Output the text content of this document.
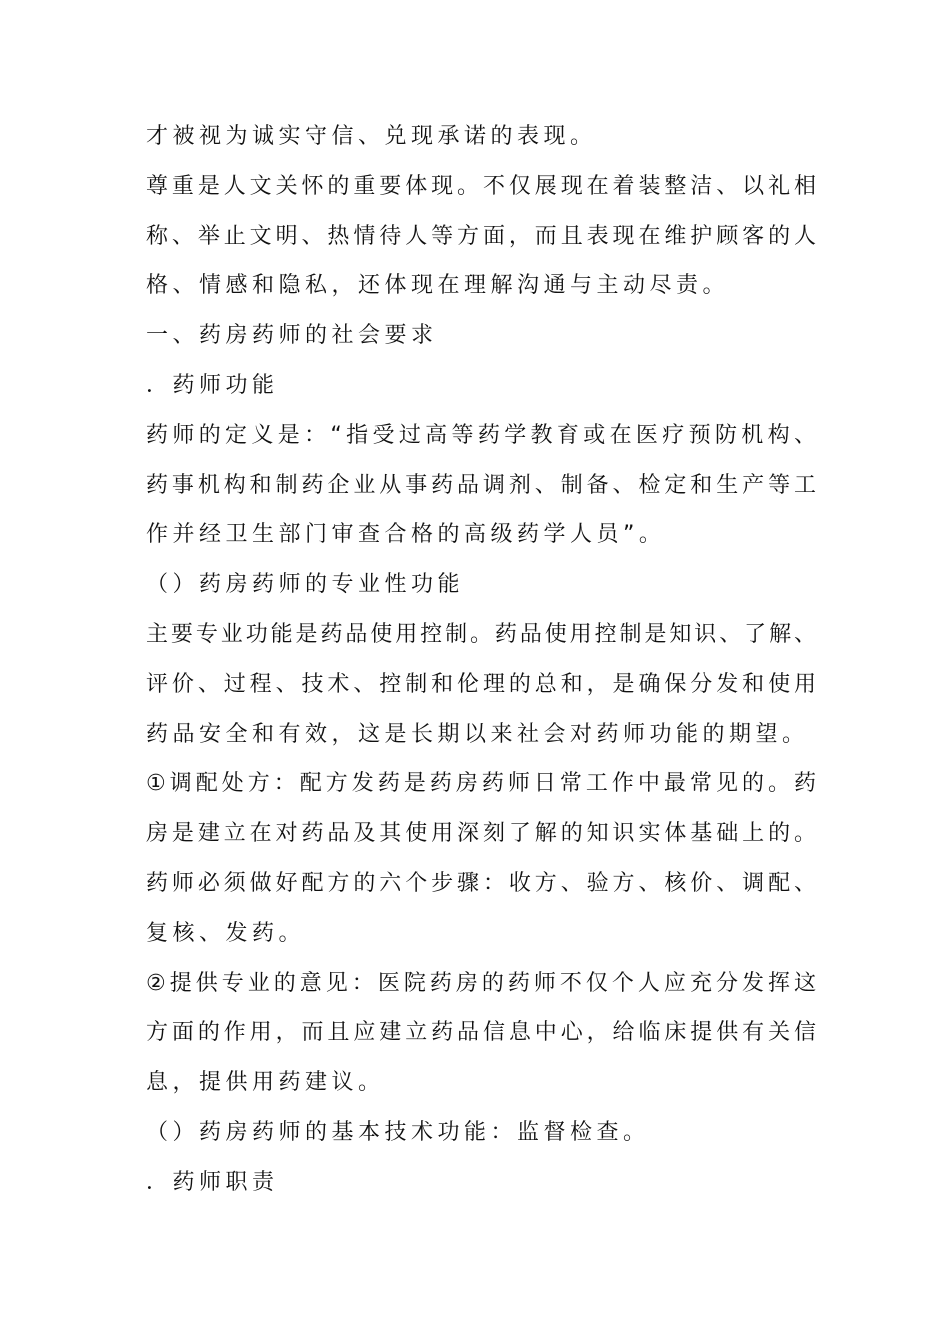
才被视为诚实守信、兑现承诺的表现。
尊重是人文关怀的重要体现。不仅展现在着装整洁、以礼相
称、举止文明、热情待人等方面，而且表现在维护顾客的人
格、情感和隐私，还体现在理解沟通与主动尽责。
一、药房药师的社会要求
．药师功能
药师的定义是：“指受过高等药学教育或在医疗预防机构、
药事机构和制药企业从事药品调剂、制备、检定和生产等工
作并经卫生部门审查合格的高级药学人员”。
（）药房药师的专业性功能
主要专业功能是药品使用控制。药品使用控制是知识、了解、
评价、过程、技术、控制和伦理的总和，是确保分发和使用
药品安全和有效，这是长期以来社会对药师功能的期望。
①调配处方：配方发药是药房药师日常工作中最常见的。药
房是建立在对药品及其使用深刻了解的知识实体基础上的。
药师必须做好配方的六个步骤：收方、验方、核价、调配、
复核、发药。
②提供专业的意见：医院药房的药师不仅个人应充分发挥这
方面的作用，而且应建立药品信息中心，给临床提供有关信
息，提供用药建议。
（）药房药师的基本技术功能：监督检查。
．药师职责
